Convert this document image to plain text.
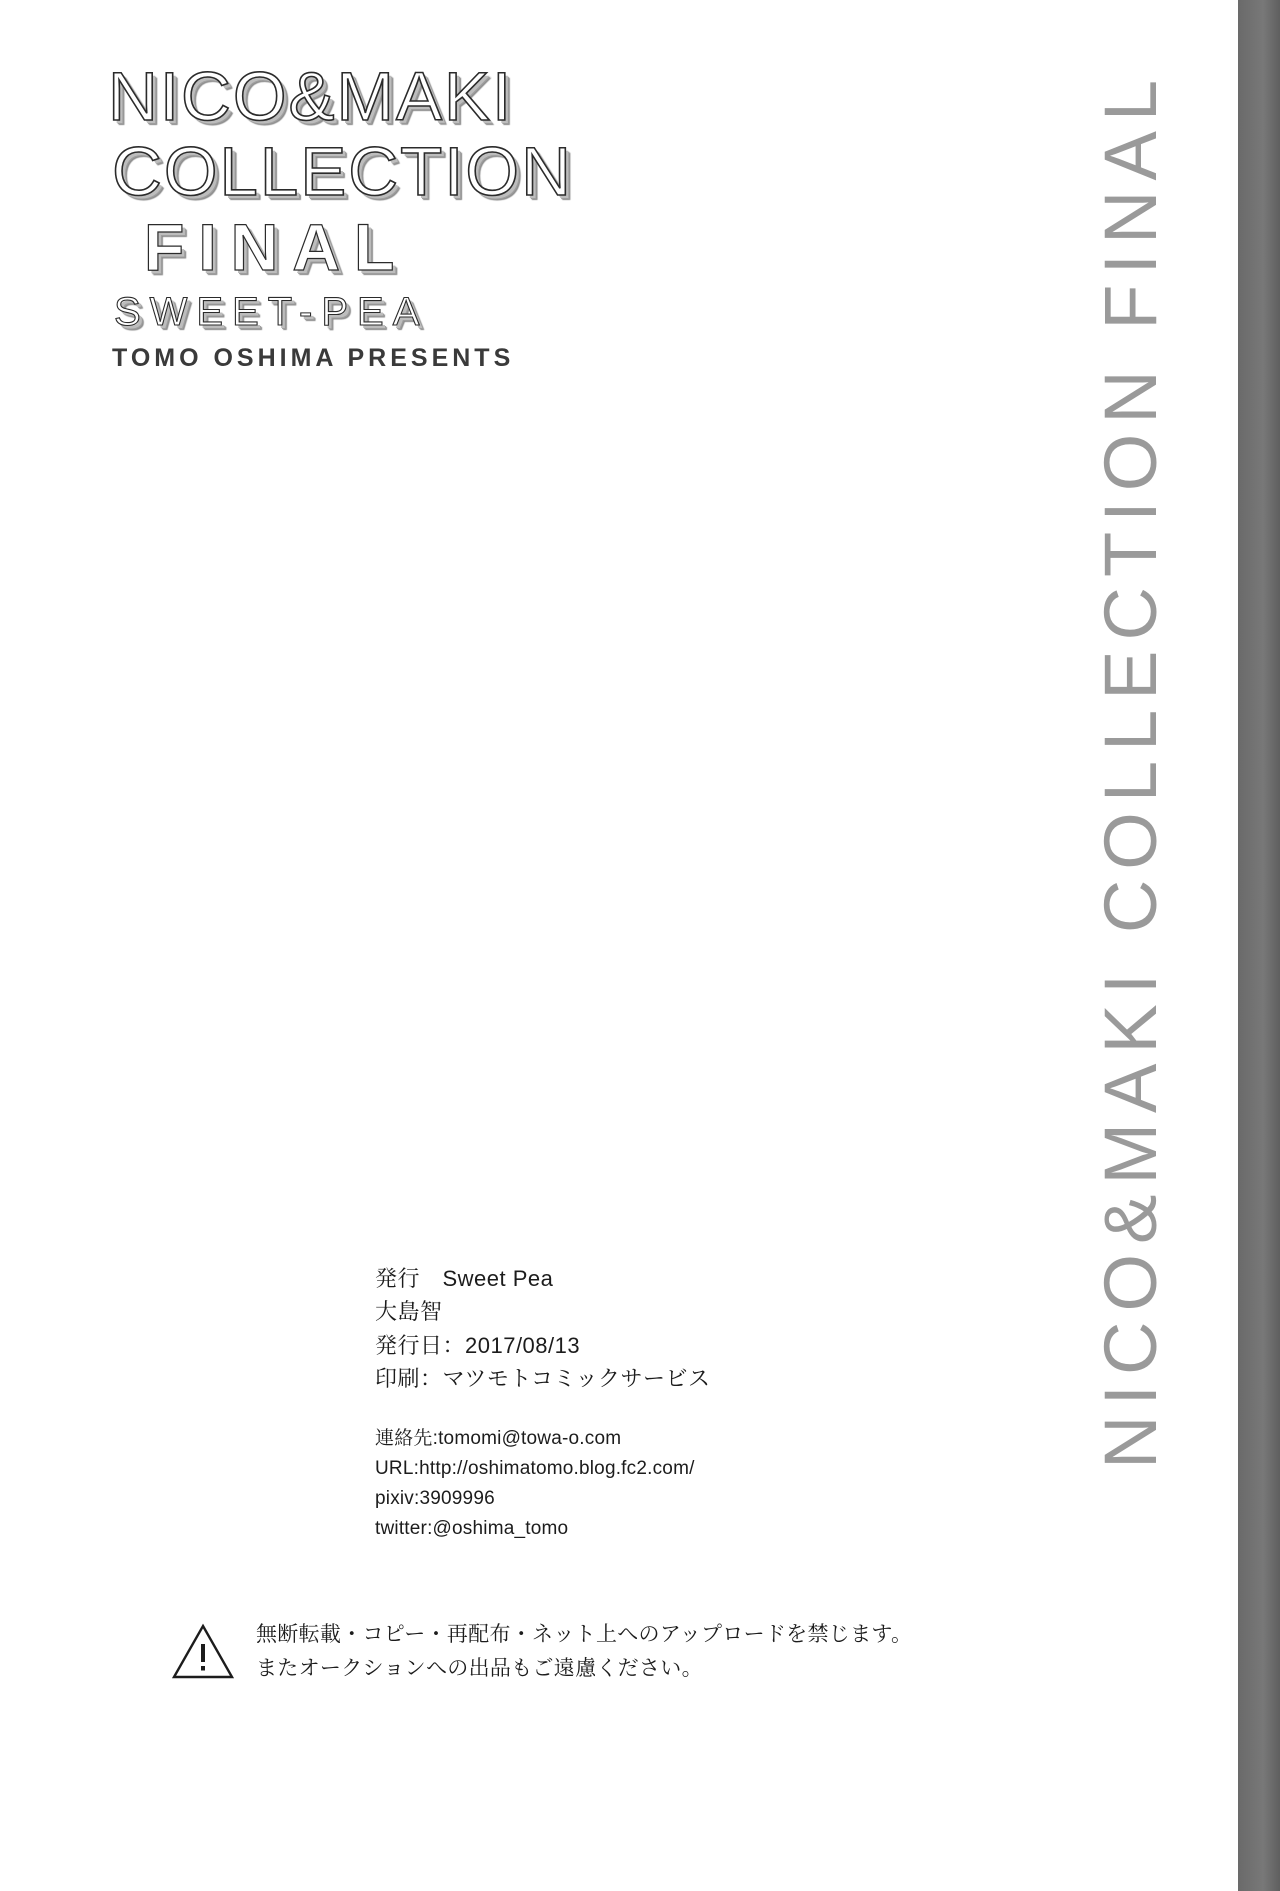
NICO&MAKI COLLECTION FINAL
NICO&MAKI
COLLECTION
FINAL
SWEET-PEA
TOMO OSHIMA PRESENTS
発行　Sweet Pea
大島智
発行日：2017/08/13
印刷：マツモトコミックサービス
連絡先:tomomi@towa-o.com
URL:http://oshimatomo.blog.fc2.com/
pixiv:3909996
twitter:@oshima_tomo
無断転載・コピー・再配布・ネット上へのアップロードを禁じます。
またオークションへの出品もご遠慮ください。
